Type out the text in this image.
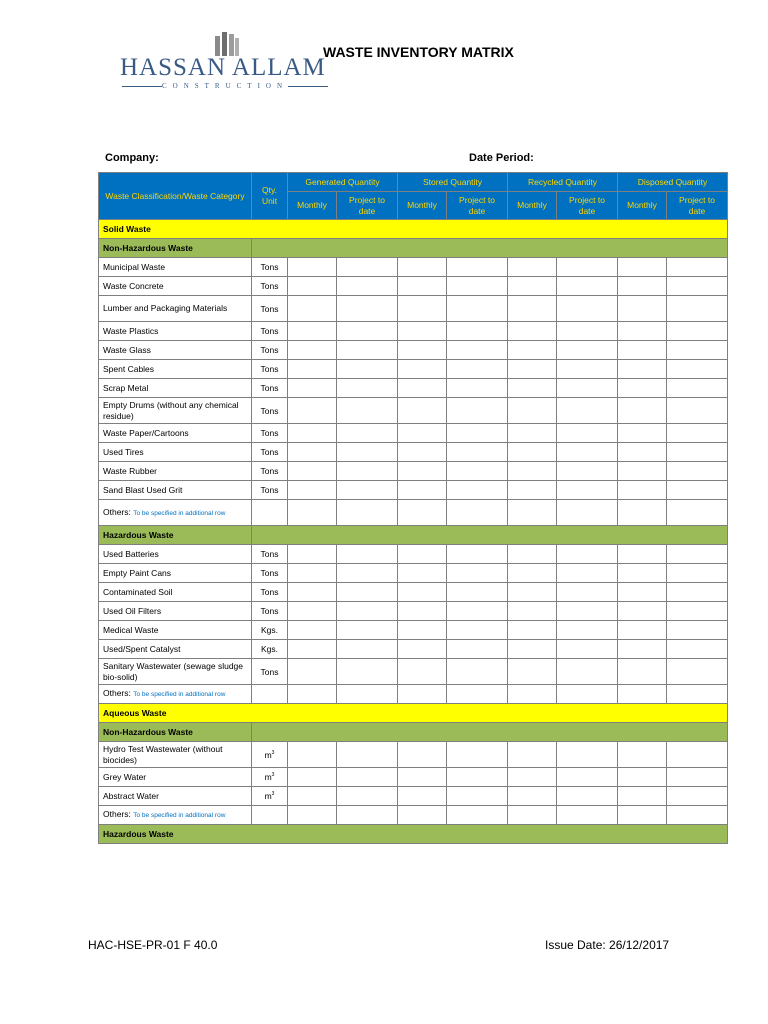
HASSAN ALLAM
CONSTRUCTION
WASTE INVENTORY MATRIX
Company:	Date Period:
Waste Classification/Waste Category	Qty. Unit	Generated Quantity		Stored Quantity		Recycled Quantity		Disposed Quantity	
		Monthly	Project to date	Monthly	Project to date	Monthly	Project to date	Monthly	Project to date
Solid Waste									
Non-Hazardous Waste									
Municipal Waste	Tons								
Waste Concrete	Tons								
Lumber and Packaging Materials	Tons								
Waste Plastics	Tons								
Waste Glass	Tons								
Spent Cables	Tons								
Scrap Metal	Tons								
Empty Drums (without any chemical residue)	Tons								
Waste Paper/Cartoons	Tons								
Used Tires	Tons								
Waste Rubber	Tons								
Sand Blast Used Grit	Tons								
Others: To be specified in additional row									
Hazardous Waste									
Used Batteries	Tons								
Empty Paint Cans	Tons								
Contaminated Soil	Tons								
Used Oil Filters	Tons								
Medical Waste	Kgs.								
Used/Spent Catalyst	Kgs.								
Sanitary Wastewater (sewage sludge bio-solid)	Tons								
Others: To be specified in additional row									
Aqueous Waste									
Non-Hazardous Waste									
Hydro Test Wastewater (without biocides)	$m^3$								
Grey Water	$m^3$								
Abstract Water	$m^3$								
Others: To be specified in additional row									
Hazardous Waste									
HAC-HSE-PR-01 F 40.0	Issue Date: 26/12/2017
